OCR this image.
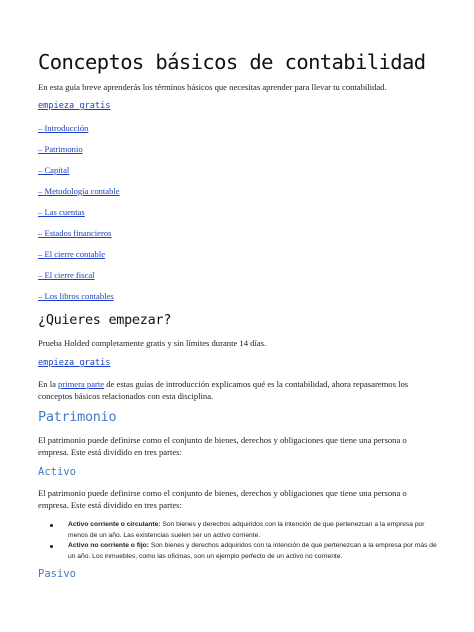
Conceptos básicos de contabilidad

En esta guía breve aprenderás los términos básicos que necesitas aprender para llevar tu contabilidad.

empieza gratis
– Introducción
– Patrimonio
– Capital
– Metodología contable
– Las cuentas
– Estados financieros
– El cierre contable
– El cierre fiscal
– Los libros contables
¿Quieres empezar?

Prueba Holded completamente gratis y sin límites durante 14 días.

empieza gratis

En la primera parte de estas guías de introducción explicamos qué es la contabilidad, ahora repasaremos los conceptos básicos relacionados con esta disciplina.

Patrimonio

El patrimonio puede definirse como el conjunto de bienes, derechos y obligaciones que tiene una persona o empresa. Este está dividido en tres partes:

Activo

El patrimonio puede definirse como el conjunto de bienes, derechos y obligaciones que tiene una persona o empresa. Este está dividido en tres partes:

Activo corriente o circulante: Son bienes y derechos adquiridos con la intención de que pertenezcan a la empresa por menos de un año. Las existencias suelen ser un activo corriente.
Activo no corriente o fijo: Son bienes y derechos adquiridos con la intención de que pertenezcan a la empresa por más de un año. Los inmuebles, como las oficinas, son un ejemplo perfecto de un activo no corriente.
Pasivo
